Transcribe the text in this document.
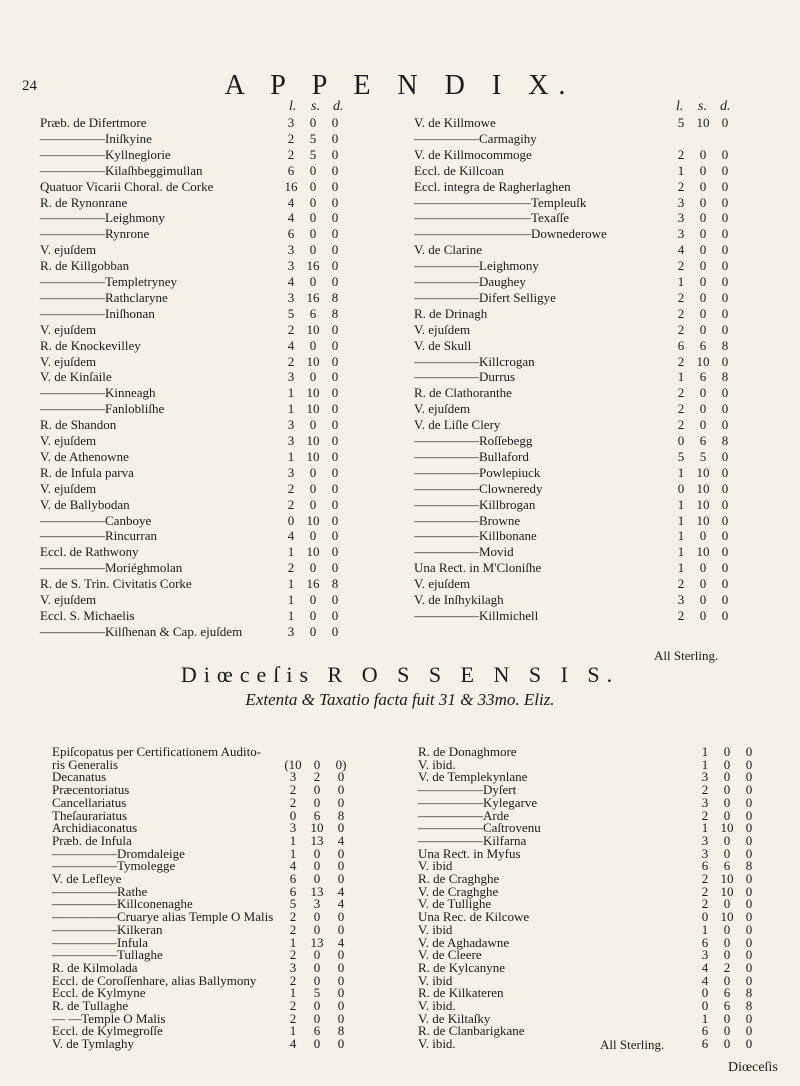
24	A P P E N D I X.
l. s. d.	l. s. d.
Præb. de Difertmore	3	0	0
—————Iniſkyine	2	5	0
—————Kyllneglorie	2	5	0
—————Kilaſhbeggimullan	6	0	0
Quatuor Vicarii Choral. de Corke	16 0	0
R. de Rynonrane	4	0	0
—————Leighmony	4	0	0
—————Rynrone	6	0	0
V. ejuſdem	3	0	0
R. de Killgobban	3 16 0
—————Templetryney	4	0	0
—————Rathclaryne	3 16 8
—————Iniſhonan	5	6	8
V. ejuſdem	2 10 0
R. de Knockevilley	4	0	0
V. ejuſdem	2 10 0
V. de Kinſaile	3	0	0
—————Kinneagh	1 10 0
—————Fanlobliſhe	1 10 0
R. de Shandon	3	0	0
V. ejuſdem	3 10 0
V. de Athenowne	1 10 0
R. de Infula parva	3	0	0
V. ejuſdem	2	0	0
V. de Ballybodan	2	0	0
—————Canboye	0 10 0
—————Rincurran	4	0	0
Eccl. de Rathwony	1 10 0
—————Moriéghmolan	2	0	0
R. de S. Trin. Civitatis Corke	1 16 8
V. ejuſdem	1	0	0
Eccl. S. Michaelis	1	0	0
—————Kilſhenan & Cap. ejuſdem	3	0	0
V. de Killmowe	5 10 0
—————Carmagihy
V. de Killmocommoge	2	0	0
Eccl. de Killcoan	1	0	0
Eccl. integra de Ragherlaghen	2	0	0
—————————Templeuſk	3	0	0
—————————Texaſſe	3	0	0
—————————Downederowe	3	0	0
V. de Clarine	4	0	0
—————Leighmony	2	0	0
—————Daughey	1	0	0
—————Difert Selligye	2	0	0
R. de Drinagh	2	0	0
V. ejuſdem	2	0	0
V. de Skull	6	6	8
—————Killcrogan	2 10 0
—————Durrus	1	6	8
R. de Clathoranthe	2	0	0
V. ejuſdem	2	0	0
V. de Liſle Clery	2	0	0
—————Roſſebegg	0	6	8
—————Bullaford	5	5	0
—————Powlepiuck	1 10 0
—————Clowneredy	0 10 0
—————Killbrogan	1 10 0
—————Browne	1 10 0
—————Killbonane	1	0	0
—————Movid	1 10 0
Una Reƈt. in M'Cloniſhe	1	0	0
V. ejuſdem	2	0	0
V. de Inſhykilagh	3	0	0
—————Killmichell	2	0	0
All Sterling.
Diœceſis R O S S E N S I S.
Extenta & Taxatio facta fuit 31 & 33mo. Eliz.
Epiſcopatus per Certificationem Audito-
ris Generalis	(10 0	0)
Decanatus	3	2	0
Præcentoriatus	2	0	0
Cancellariatus	2	0	0
Theſaurariatus	0	6	8
Archidiaconatus	3	10	0
Præb. de Infula	1	13	4
—————Dromdaleige	1	0	0
—————Tymolegge	4	0	0
V. de Lefleye	6	0	0
—————Rathe	6	13	4
—————Killconenaghe	5	3	4
—————Cruarye alias Temple O Malis	2	0	0
—————Kilkeran	2	0	0
—————Infula	1	13	4
—————Tullaghe	2	0	0
R. de Kilmolada	3	0	0
Eccl. de Coroſſenhare, alias Ballymony	2	0	0
Eccl. de Kylmyne	1	5	0
R. de Tullaghe	2	0	0
— —Temple O Malis	2	0	0
Eccl. de Kylmegroſſe	1	6	8
V. de Tymlaghy	4	0	0
R. de Donaghmore	1	0	0
V. ibid.	1	0	0
V. de Templekynlane	3	0	0
—————Dyſert	2	0	0
—————Kylegarve	3	0	0
—————Arde	2	0	0
—————Caſtrovenu	1 10 0
—————Kilfarna	3	0	0
Una Reƈt. in Myfus	3	0	0
V. ibid	6	6	8
R. de Craghghe	2 10 0
V. de Craghghe	2 10 0
V. de Tullighe	2	0	0
Una Rec. de Kilcowe	0 10 0
V. ibid	1	0	0
V. de Aghadawne	6	0	0
V. de Cleere	3	0	0
R. de Kylcanyne	4	2	0
V. ibid	4	0	0
R. de Kilkateren	0	6	8
V. ibid.	0	6	8
V. de Kiltaſky	1	0	0
R. de Clanbarigkane	6	0	0
V. ibid.	6	0	0
All Sterling.
Diœceſis
